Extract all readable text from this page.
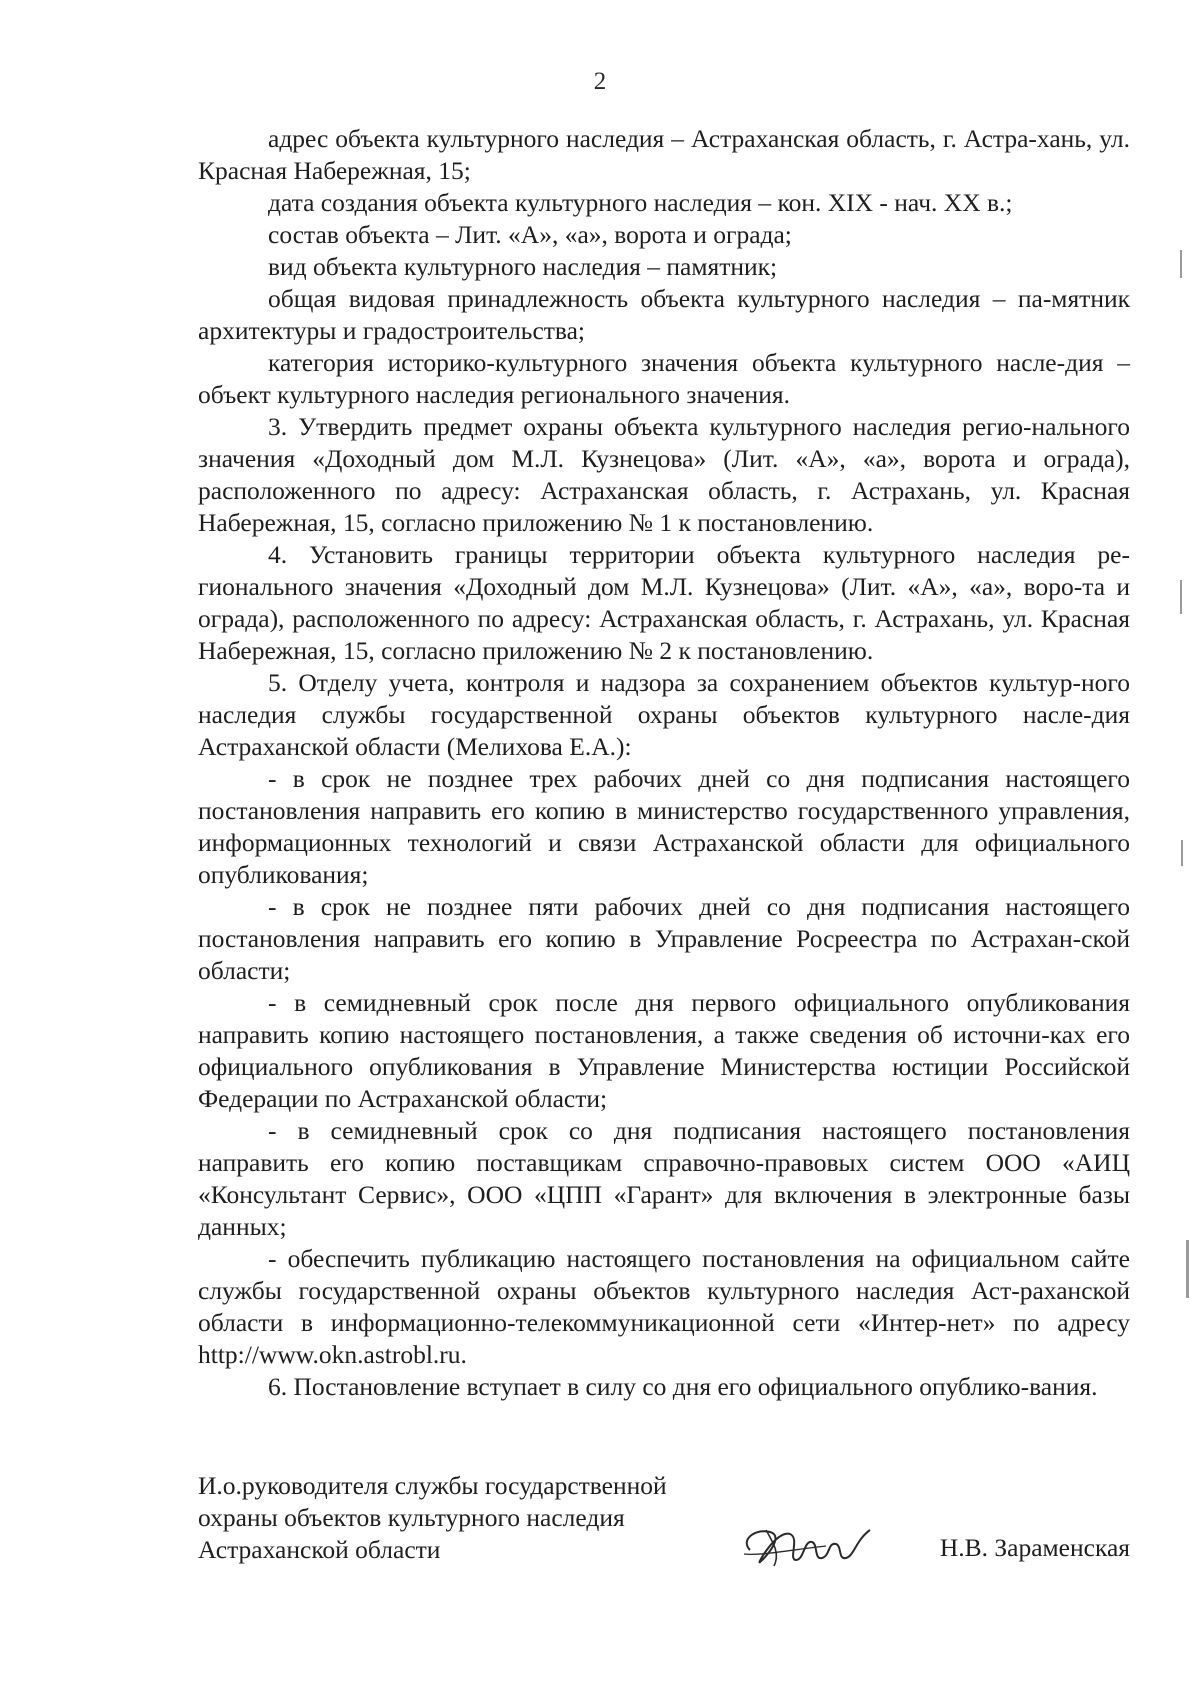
2

адрес объекта культурного наследия – Астраханская область, г. Астра-хань, ул. Красная Набережная, 15;

дата создания объекта культурного наследия – кон. XIX - нач. XX в.;

состав объекта – Лит. «А», «а», ворота и ограда;

вид объекта культурного наследия – памятник;

общая видовая принадлежность объекта культурного наследия – па-мятник архитектуры и градостроительства;

категория историко-культурного значения объекта культурного насле-дия – объект культурного наследия регионального значения.

3. Утвердить предмет охраны объекта культурного наследия регио-нального значения «Доходный дом М.Л. Кузнецова» (Лит. «А», «а», ворота и ограда), расположенного по адресу: Астраханская область, г. Астрахань, ул. Красная Набережная, 15, согласно приложению № 1 к постановлению.

4. Установить границы территории объекта культурного наследия ре-гионального значения «Доходный дом М.Л. Кузнецова» (Лит. «А», «а», воро-та и ограда), расположенного по адресу: Астраханская область, г. Астрахань, ул. Красная Набережная, 15, согласно приложению № 2 к постановлению.

5. Отделу учета, контроля и надзора за сохранением объектов культур-ного наследия службы государственной охраны объектов культурного насле-дия Астраханской области (Мелихова Е.А.):

- в срок не позднее трех рабочих дней со дня подписания настоящего постановления направить его копию в министерство государственного управления, информационных технологий и связи Астраханской области для официального опубликования;

- в срок не позднее пяти рабочих дней со дня подписания настоящего постановления направить его копию в Управление Росреестра по Астрахан-ской области;

- в семидневный срок после дня первого официального опубликования направить копию настоящего постановления, а также сведения об источни-ках его официального опубликования в Управление Министерства юстиции Российской Федерации по Астраханской области;

- в семидневный срок со дня подписания настоящего постановления направить его копию поставщикам справочно-правовых систем ООО «АИЦ «Консультант Сервис», ООО «ЦПП «Гарант» для включения в электронные базы данных;

- обеспечить публикацию настоящего постановления на официальном сайте службы государственной охраны объектов культурного наследия Аст-раханской области в информационно-телекоммуникационной сети «Интер-нет» по адресу http://www.okn.astrobl.ru.

6. Постановление вступает в силу со дня его официального опублико-вания.

И.о.руководителя службы государственной
охраны объектов культурного наследия
Астраханской области	Н.В. Зараменская
